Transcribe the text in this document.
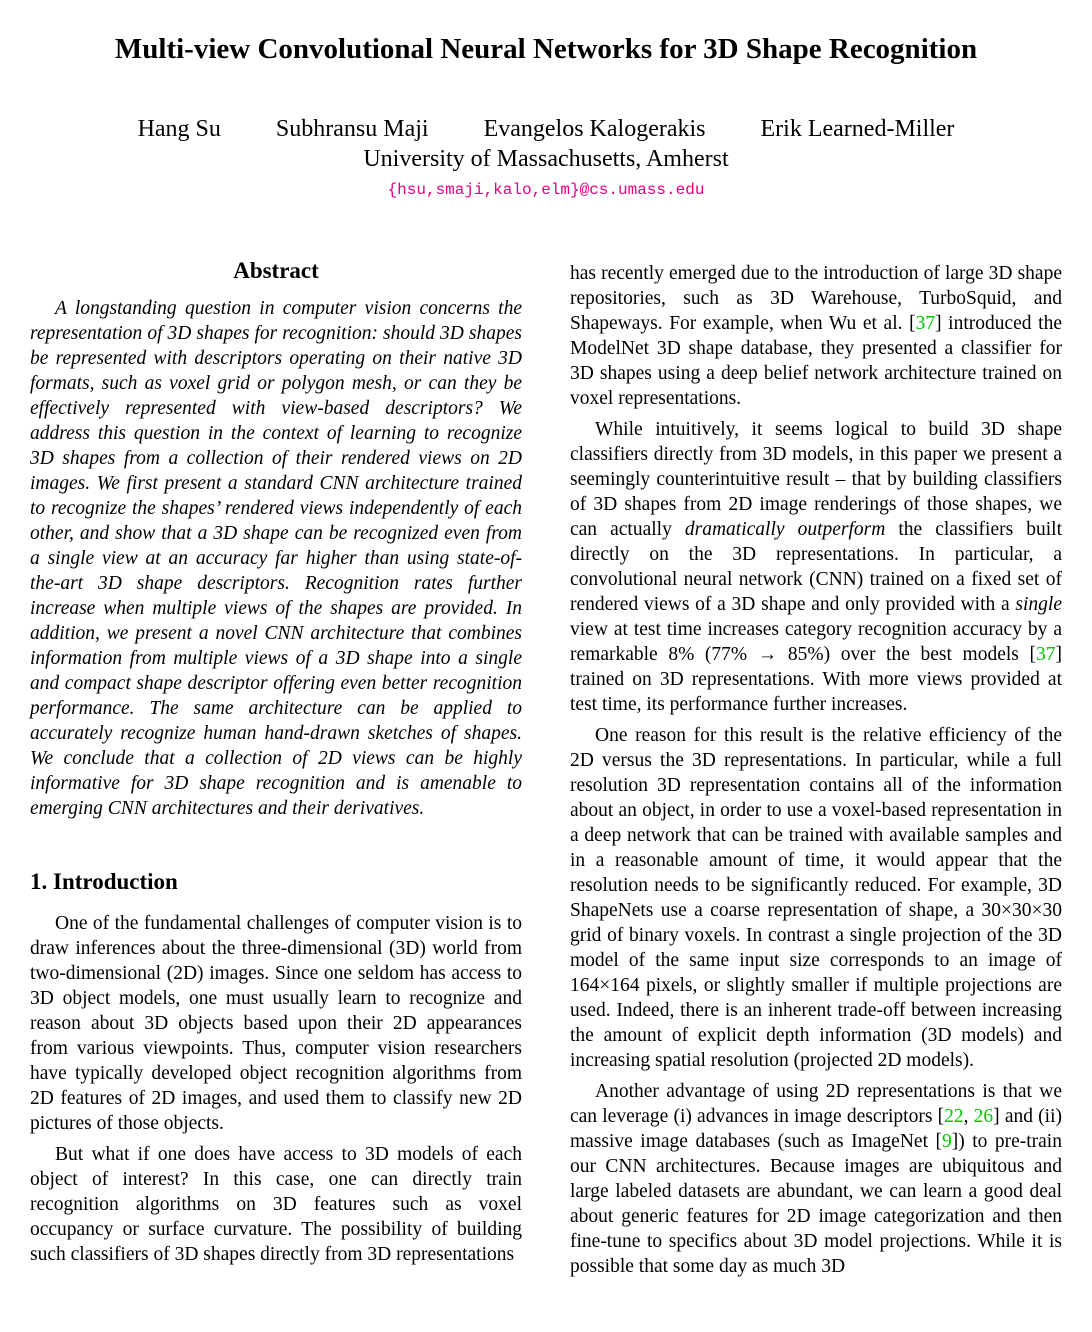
Multi-view Convolutional Neural Networks for 3D Shape Recognition
Hang Su Subhransu Maji Evangelos Kalogerakis Erik Learned-Miller
University of Massachusetts, Amherst
{hsu,smaji,kalo,elm}@cs.umass.edu
Abstract

A longstanding question in computer vision concerns the representation of 3D shapes for recognition: should 3D shapes be represented with descriptors operating on their native 3D formats, such as voxel grid or polygon mesh, or can they be effectively represented with view-based descriptors? We address this question in the context of learning to recognize 3D shapes from a collection of their rendered views on 2D images. We first present a standard CNN architecture trained to recognize the shapes’ rendered views independently of each other, and show that a 3D shape can be recognized even from a single view at an accuracy far higher than using state-of-the-art 3D shape descriptors. Recognition rates further increase when multiple views of the shapes are provided. In addition, we present a novel CNN architecture that combines information from multiple views of a 3D shape into a single and compact shape descriptor offering even better recognition performance. The same architecture can be applied to accurately recognize human hand-drawn sketches of shapes. We conclude that a collection of 2D views can be highly informative for 3D shape recognition and is amenable to emerging CNN architectures and their derivatives.

1. Introduction

One of the fundamental challenges of computer vision is to draw inferences about the three-dimensional (3D) world from two-dimensional (2D) images. Since one seldom has access to 3D object models, one must usually learn to recognize and reason about 3D objects based upon their 2D appearances from various viewpoints. Thus, computer vision researchers have typically developed object recognition algorithms from 2D features of 2D images, and used them to classify new 2D pictures of those objects.

But what if one does have access to 3D models of each object of interest? In this case, one can directly train recognition algorithms on 3D features such as voxel occupancy or surface curvature. The possibility of building such classifiers of 3D shapes directly from 3D representations

has recently emerged due to the introduction of large 3D shape repositories, such as 3D Warehouse, TurboSquid, and Shapeways. For example, when Wu et al. [37] introduced the ModelNet 3D shape database, they presented a classifier for 3D shapes using a deep belief network architecture trained on voxel representations.

While intuitively, it seems logical to build 3D shape classifiers directly from 3D models, in this paper we present a seemingly counterintuitive result – that by building classifiers of 3D shapes from 2D image renderings of those shapes, we can actually dramatically outperform the classifiers built directly on the 3D representations. In particular, a convolutional neural network (CNN) trained on a fixed set of rendered views of a 3D shape and only provided with a single view at test time increases category recognition accuracy by a remarkable 8% (77% → 85%) over the best models [37] trained on 3D representations. With more views provided at test time, its performance further increases.

One reason for this result is the relative efficiency of the 2D versus the 3D representations. In particular, while a full resolution 3D representation contains all of the information about an object, in order to use a voxel-based representation in a deep network that can be trained with available samples and in a reasonable amount of time, it would appear that the resolution needs to be significantly reduced. For example, 3D ShapeNets use a coarse representation of shape, a 30×30×30 grid of binary voxels. In contrast a single projection of the 3D model of the same input size corresponds to an image of 164×164 pixels, or slightly smaller if multiple projections are used. Indeed, there is an inherent trade-off between increasing the amount of explicit depth information (3D models) and increasing spatial resolution (projected 2D models).

Another advantage of using 2D representations is that we can leverage (i) advances in image descriptors [22, 26] and (ii) massive image databases (such as ImageNet [9]) to pre-train our CNN architectures. Because images are ubiquitous and large labeled datasets are abundant, we can learn a good deal about generic features for 2D image categorization and then fine-tune to specifics about 3D model projections. While it is possible that some day as much 3D
